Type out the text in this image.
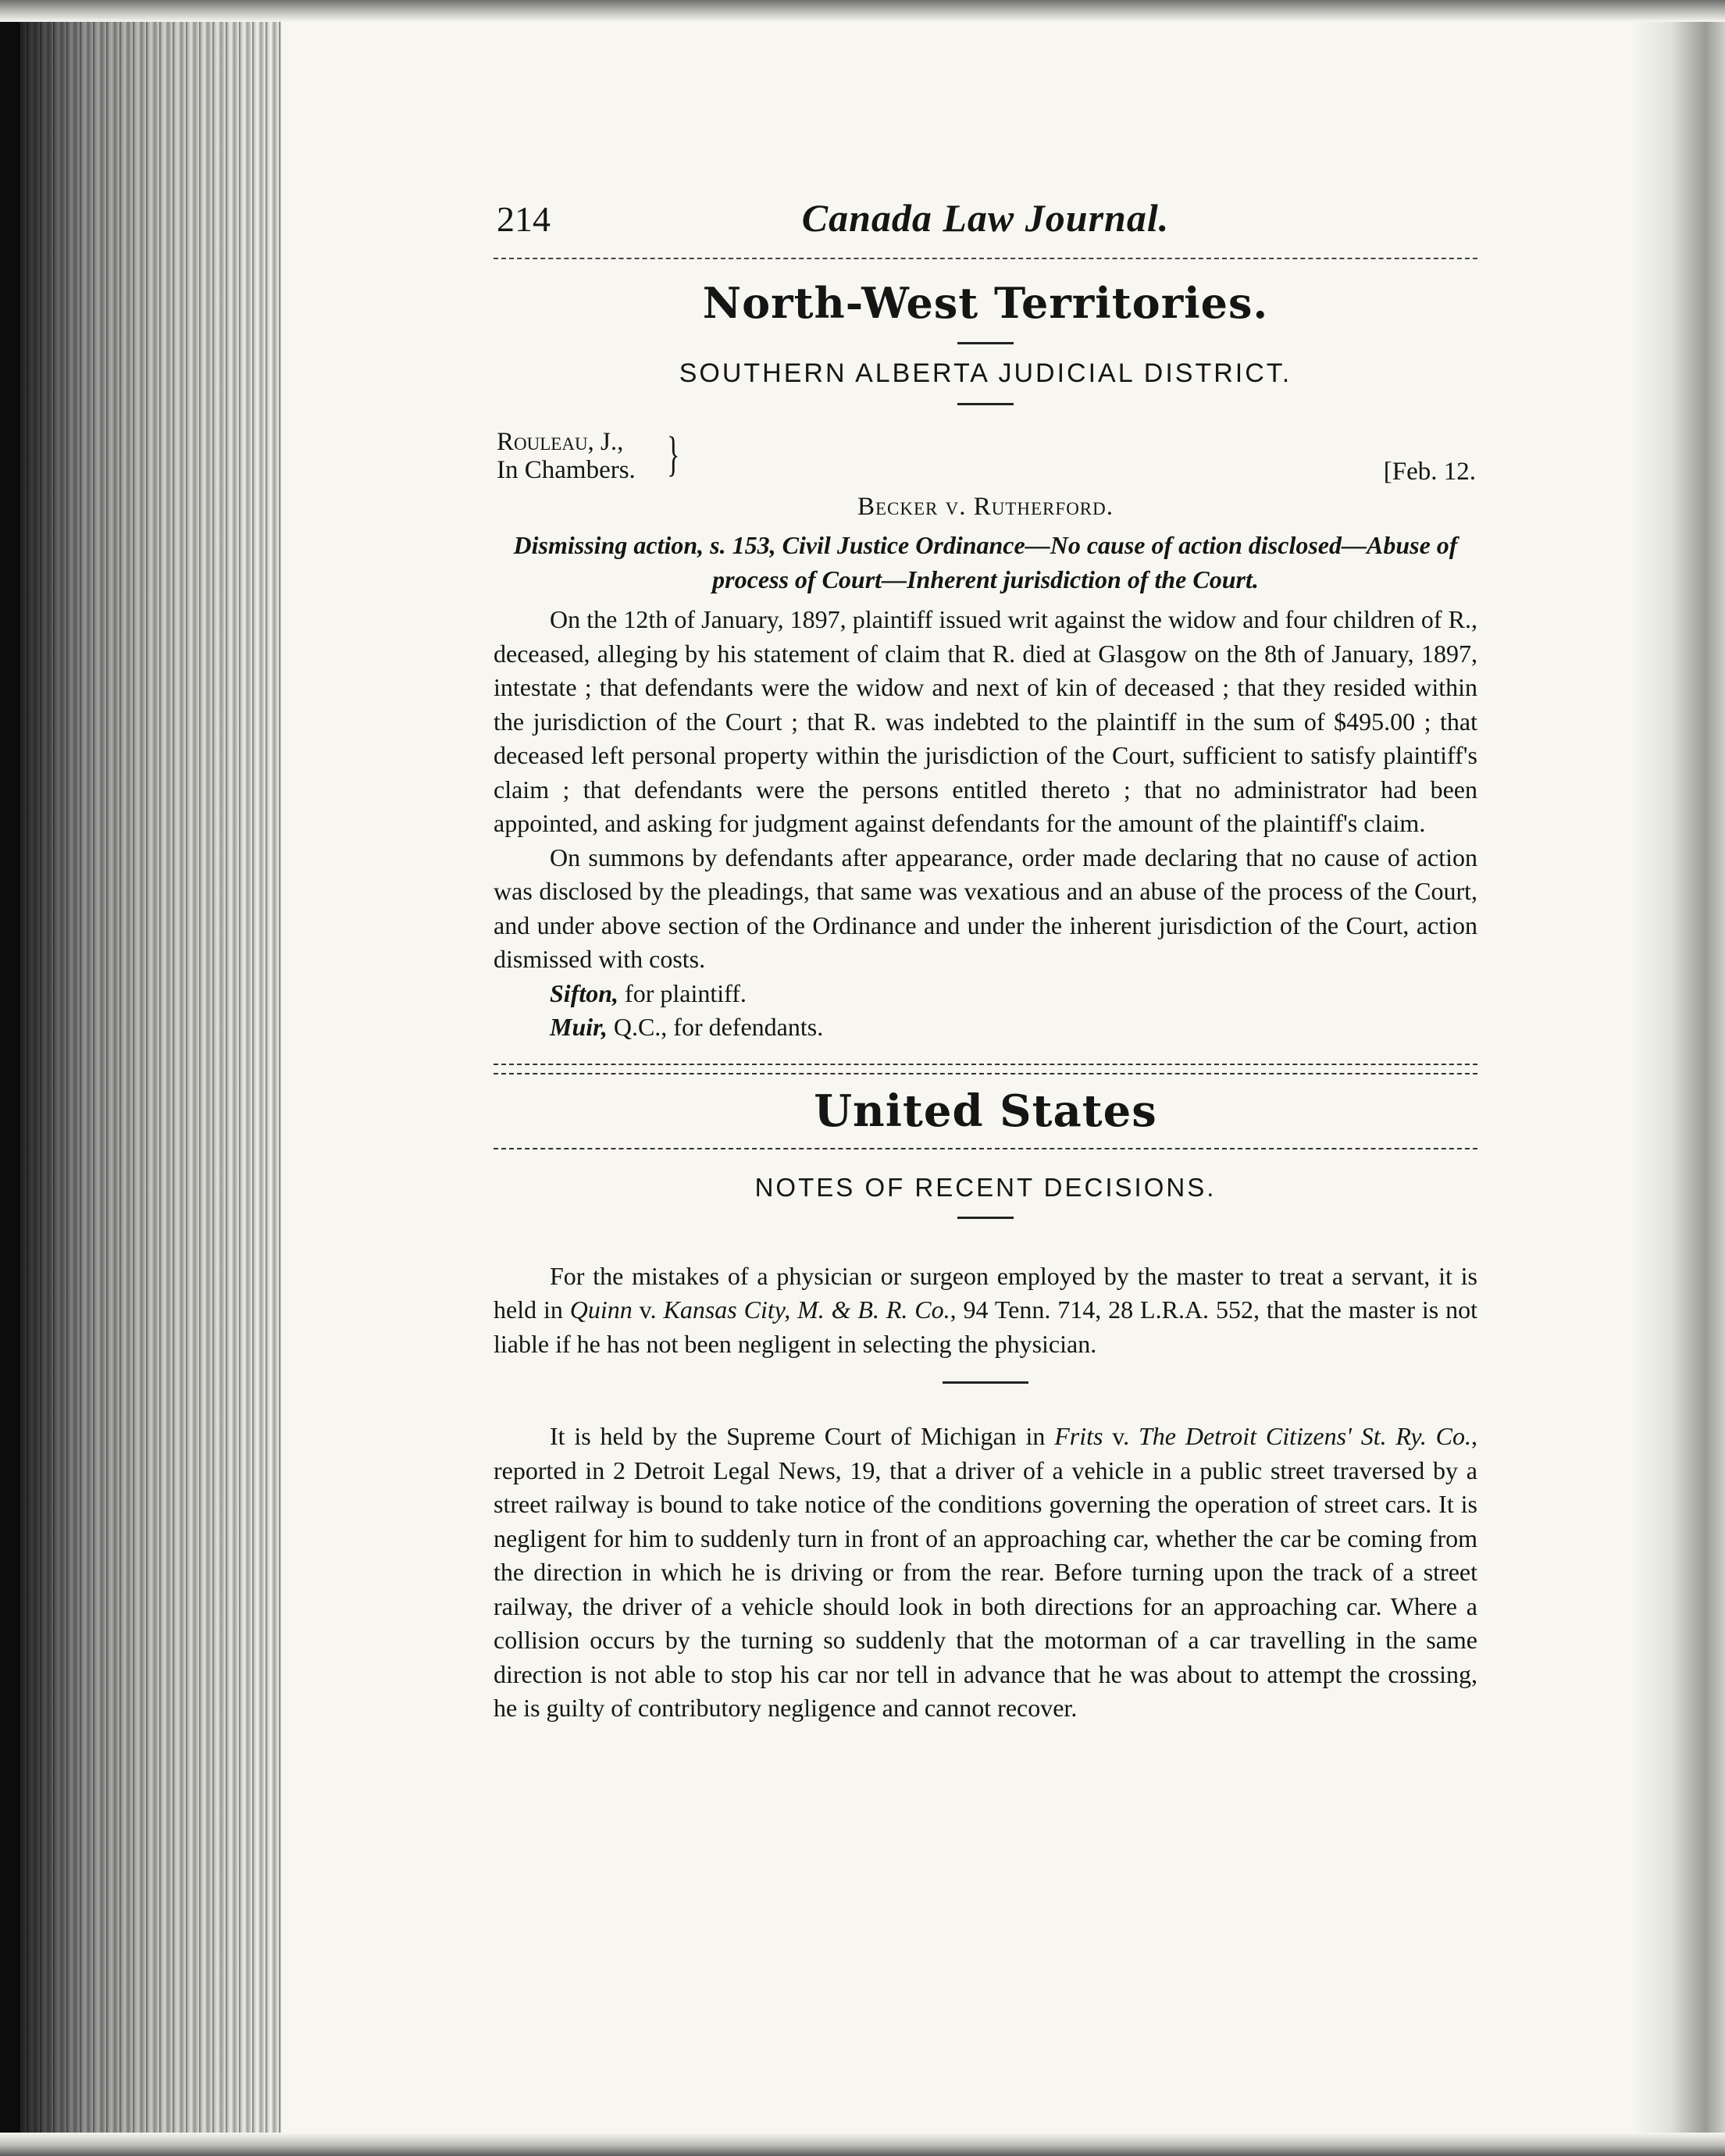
214	Canada Law Journal.
North-West Territories.

SOUTHERN ALBERTA JUDICIAL DISTRICT.

Rouleau, J.,
In Chambers. }	[Feb. 12.

Becker v. Rutherford.

Dismissing action, s. 153, Civil Justice Ordinance—No cause of action disclosed—Abuse of process of Court—Inherent jurisdiction of the Court.

On the 12th of January, 1897, plaintiff issued writ against the widow and four children of R., deceased, alleging by his statement of claim that R. died at Glasgow on the 8th of January, 1897, intestate ; that defendants were the widow and next of kin of deceased ; that they resided within the jurisdiction of the Court ; that R. was indebted to the plaintiff in the sum of $495.00 ; that deceased left personal property within the jurisdiction of the Court, sufficient to satisfy plaintiff's claim ; that defendants were the persons entitled thereto ; that no administrator had been appointed, and asking for judgment against defendants for the amount of the plaintiff's claim.

On summons by defendants after appearance, order made declaring that no cause of action was disclosed by the pleadings, that same was vexatious and an abuse of the process of the Court, and under above section of the Ordinance and under the inherent jurisdiction of the Court, action dismissed with costs.

Sifton, for plaintiff.

Muir, Q.C., for defendants.

United States

NOTES OF RECENT DECISIONS.

For the mistakes of a physician or surgeon employed by the master to treat a servant, it is held in Quinn v. Kansas City, M. & B. R. Co., 94 Tenn. 714, 28 L.R.A. 552, that the master is not liable if he has not been negligent in selecting the physician.

It is held by the Supreme Court of Michigan in Frits v. The Detroit Citizens' St. Ry. Co., reported in 2 Detroit Legal News, 19, that a driver of a vehicle in a public street traversed by a street railway is bound to take notice of the conditions governing the operation of street cars. It is negligent for him to suddenly turn in front of an approaching car, whether the car be coming from the direction in which he is driving or from the rear. Before turning upon the track of a street railway, the driver of a vehicle should look in both directions for an approaching car. Where a collision occurs by the turning so suddenly that the motorman of a car travelling in the same direction is not able to stop his car nor tell in advance that he was about to attempt the crossing, he is guilty of contributory negligence and cannot recover.
